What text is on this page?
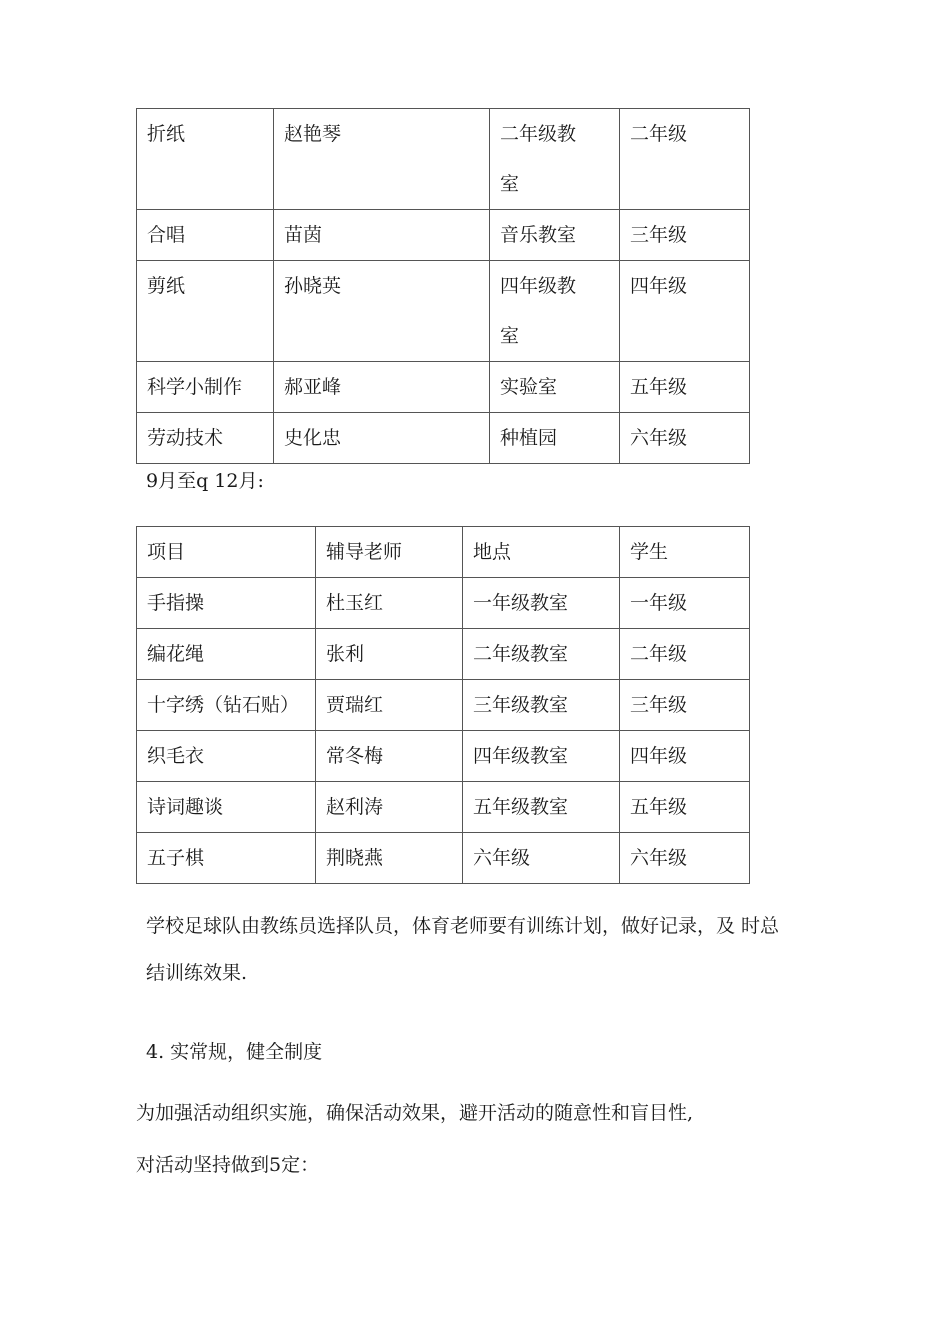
折纸	赵艳琴	二年级教室	二年级
合唱	苗茵	音乐教室	三年级
剪纸	孙晓英	四年级教室	四年级
科学小制作	郝亚峰	实验室	五年级
劳动技术	史化忠	种植园	六年级
9月至q 12月:
项目	辅导老师	地点	学生
手指操	杜玉红	一年级教室	一年级
编花绳	张利	二年级教室	二年级
十字绣（钻石贴）	贾瑞红	三年级教室	三年级
织毛衣	常冬梅	四年级教室	四年级
诗词趣谈	赵利涛	五年级教室	五年级
五子棋	荆晓燕	六年级	六年级
学校足球队由教练员选择队员，体育老师要有训练计划，做好记录，及 时总
结训练效果.
4. 实常规，健全制度
为加强活动组织实施，确保活动效果，避开活动的随意性和盲目性,
对活动坚持做到5定：
